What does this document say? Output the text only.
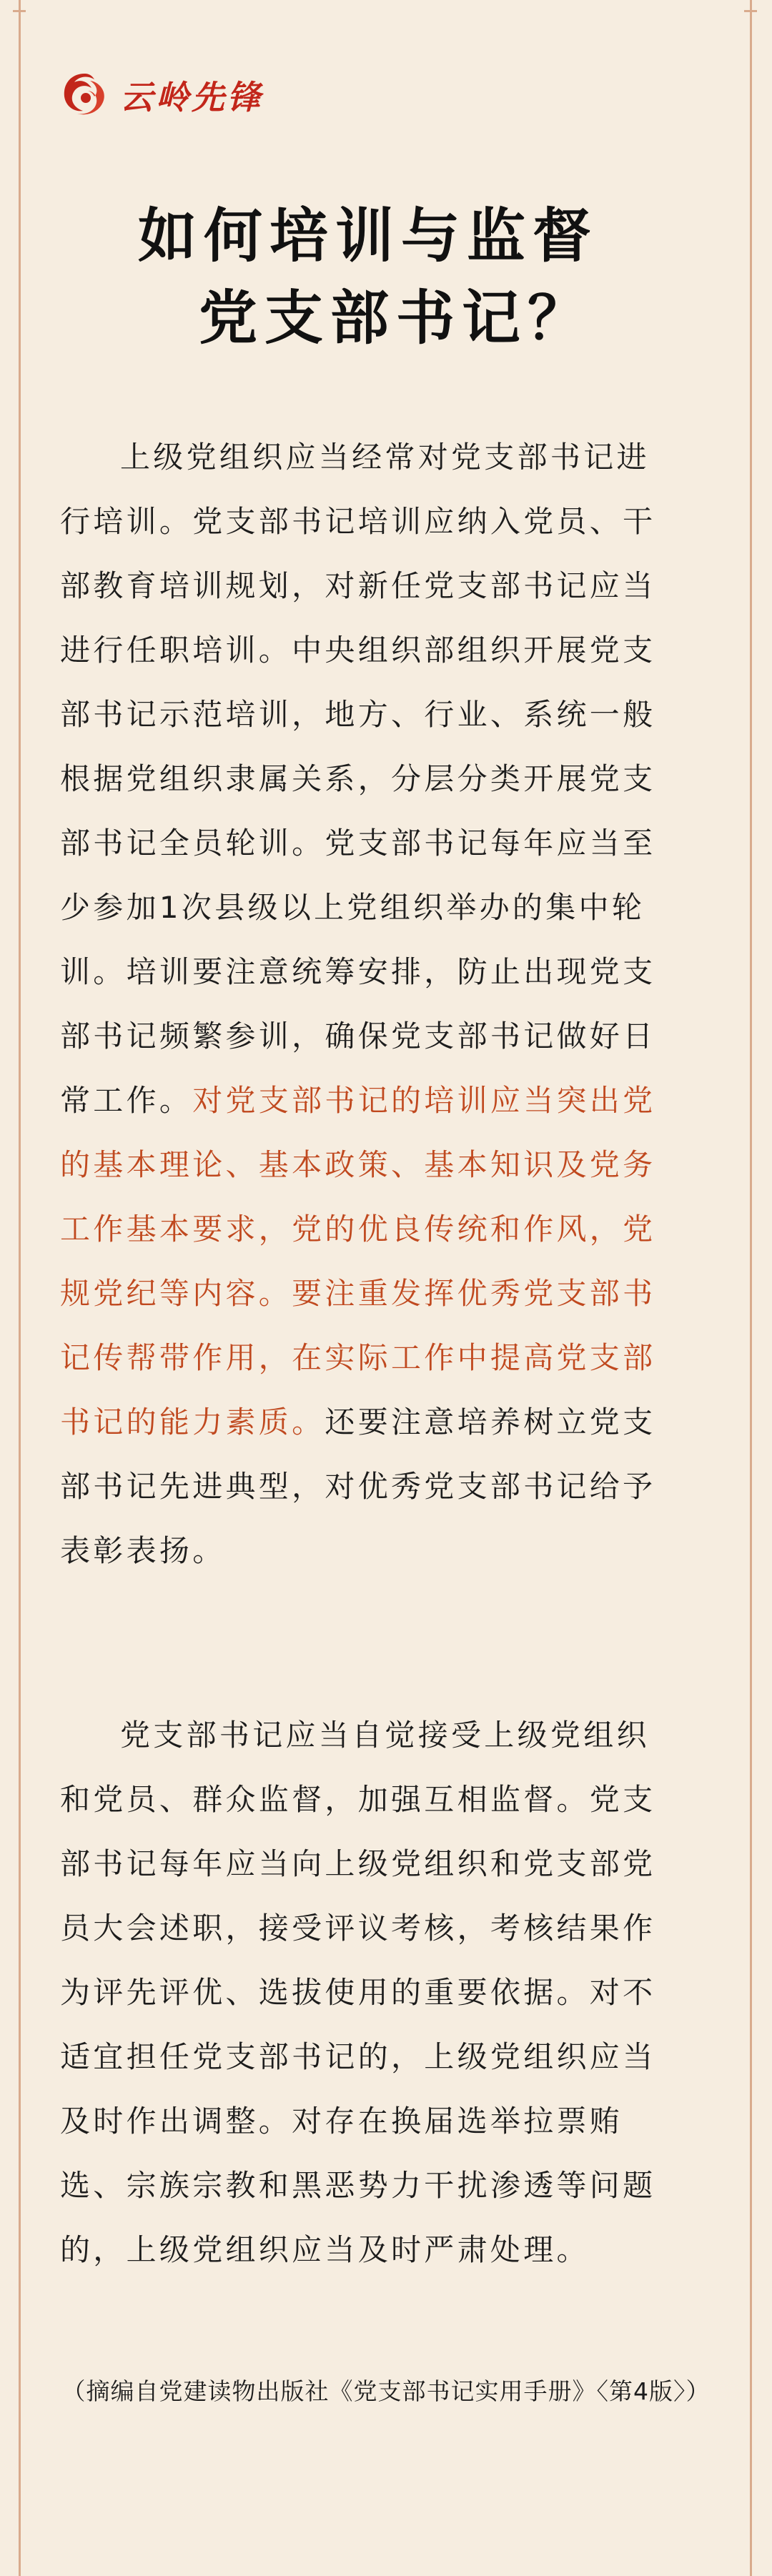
云岭先锋
如何培训与监督
党支部书记？
上级党组织应当经常对党支部书记进
行培训。党支部书记培训应纳入党员、干
部教育培训规划，对新任党支部书记应当
进行任职培训。中央组织部组织开展党支
部书记示范培训，地方、行业、系统一般
根据党组织隶属关系，分层分类开展党支
部书记全员轮训。党支部书记每年应当至
少参加1次县级以上党组织举办的集中轮
训。培训要注意统筹安排，防止出现党支
部书记频繁参训，确保党支部书记做好日
常工作。对党支部书记的培训应当突出党
的基本理论、基本政策、基本知识及党务
工作基本要求，党的优良传统和作风，党
规党纪等内容。要注重发挥优秀党支部书
记传帮带作用，在实际工作中提高党支部
书记的能力素质。还要注意培养树立党支
部书记先进典型，对优秀党支部书记给予
表彰表扬。
党支部书记应当自觉接受上级党组织
和党员、群众监督，加强互相监督。党支
部书记每年应当向上级党组织和党支部党
员大会述职，接受评议考核，考核结果作
为评先评优、选拔使用的重要依据。对不
适宜担任党支部书记的，上级党组织应当
及时作出调整。对存在换届选举拉票贿
选、宗族宗教和黑恶势力干扰渗透等问题
的，上级党组织应当及时严肃处理。
（摘编自党建读物出版社《党支部书记实用手册》〈第4版〉）
